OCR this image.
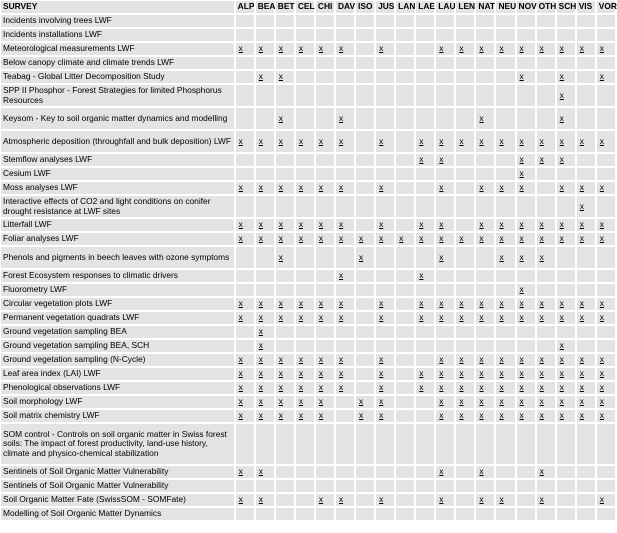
SURVEY	ALP	BEA	BET	CEL	CHI	DAV	ISO	JUS	LAN	LAE	LAU	LEN	NAT	NEU	NOV	OTH	SCH	VIS	VOR
Incidents involving trees LWF																			
Incidents installations LWF																			
Meteorological measurements LWF	x	x	x	x	x	x		x			x	x	x	x	x	x	x	x	x
Below canopy climate and climate trends LWF																			
Teabag - Global Litter Decomposition Study		x	x												x		x		x
SPP II Phosphor - Forest Strategies for limited Phosphorus Resources																	x		
Keysom - Key to soil organic matter dynamics and modelling			x			x							x				x		
Atmospheric deposition (throughfall and bulk deposition) LWF	x	x	x	x	x	x		x		x	x	x	x	x	x	x	x	x	x
Stemflow analyses LWF										x	x				x	x	x		
Cesium LWF															x				
Moss analyses LWF	x	x	x	x	x	x		x			x		x	x	x		x	x	x
Interactive effects of CO2 and light conditions on conifer drought resistance at LWF sites																		x	
Litterfall LWF	x	x	x	x	x	x		x		x	x		x	x	x	x	x	x	x
Foliar analyses LWF	x	x	x	x	x	x	x	x	x	x	x	x	x	x	x	x	x	x	x
Phenols and pigments in beech leaves with ozone symptoms			x				x				x			x	x	x			
Forest Ecosystem responses to climatic drivers						x				x									
Fluorometry LWF															x				
Circular vegetation plots LWF	x	x	x	x	x	x		x		x	x	x	x	x	x	x	x	x	x
Permanent vegetation quadrats LWF	x	x	x	x	x	x		x		x	x	x	x	x	x	x	x	x	x
Ground vegetation sampling BEA		x																	
Ground vegetation sampling BEA, SCH		x															x		
Ground vegetation sampling (N-Cycle)	x	x	x	x	x	x		x			x	x	x	x	x	x	x	x	x
Leaf area index (LAI) LWF	x	x	x	x	x	x		x		x	x	x	x	x	x	x	x	x	x
Phenological observations LWF	x	x	x	x	x	x		x		x	x	x	x	x	x	x	x	x	x
Soil morphology LWF	x	x	x	x	x		x	x			x	x	x	x	x	x	x	x	x
Soil matrix chemistry LWF	x	x	x	x	x		x	x			x	x	x	x	x	x	x	x	x
SOM control - Controls on soil organic matter in Swiss forest soils: The impact of forest productivity, land-use history, climate and physico-chemical stabilization																			
Sentinels of Soil Organic Matter Vulnerability	x	x									x		x			x			
Sentinels of Soil Organic Matter Vulnerability																			
Soil Organic Matter Fate (SwissSOM - SOMFate)	x	x			x	x		x			x		x	x		x			x
Modelling of Soil Organic Matter Dynamics																			
